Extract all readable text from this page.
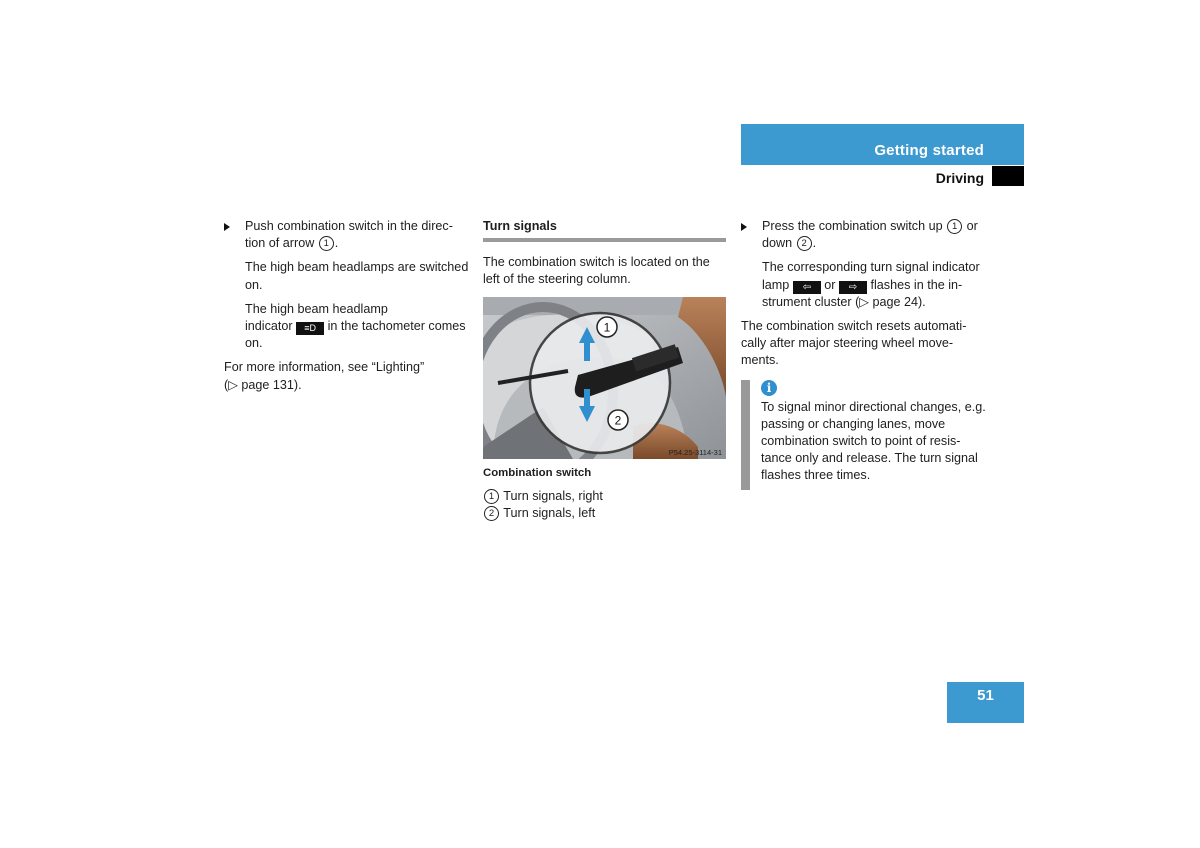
Getting started
Driving
Push combination switch in the direc-
tion of arrow 1 .
The high beam headlamps are switched on.
The high beam headlamp
indicator ≡D in the tachometer comes on.

For more information, see “Lighting”
(▷ page 131).

Turn signals

The combination switch is located on the left of the steering column.

1
2
P54.25-3114-31
Combination switch
1 Turn signals, right
2 Turn signals, left
Press the combination switch up 1 or
down 2 .
The corresponding turn signal indicator
lamp ⇦ or ⇨ flashes in the in-
strument cluster (▷ page 24).

The combination switch resets automati-cally after major steering wheel move-ments.

i
To signal minor directional changes, e.g. passing or changing lanes, move combination switch to point of resis-tance only and release. The turn signal flashes three times.
51
